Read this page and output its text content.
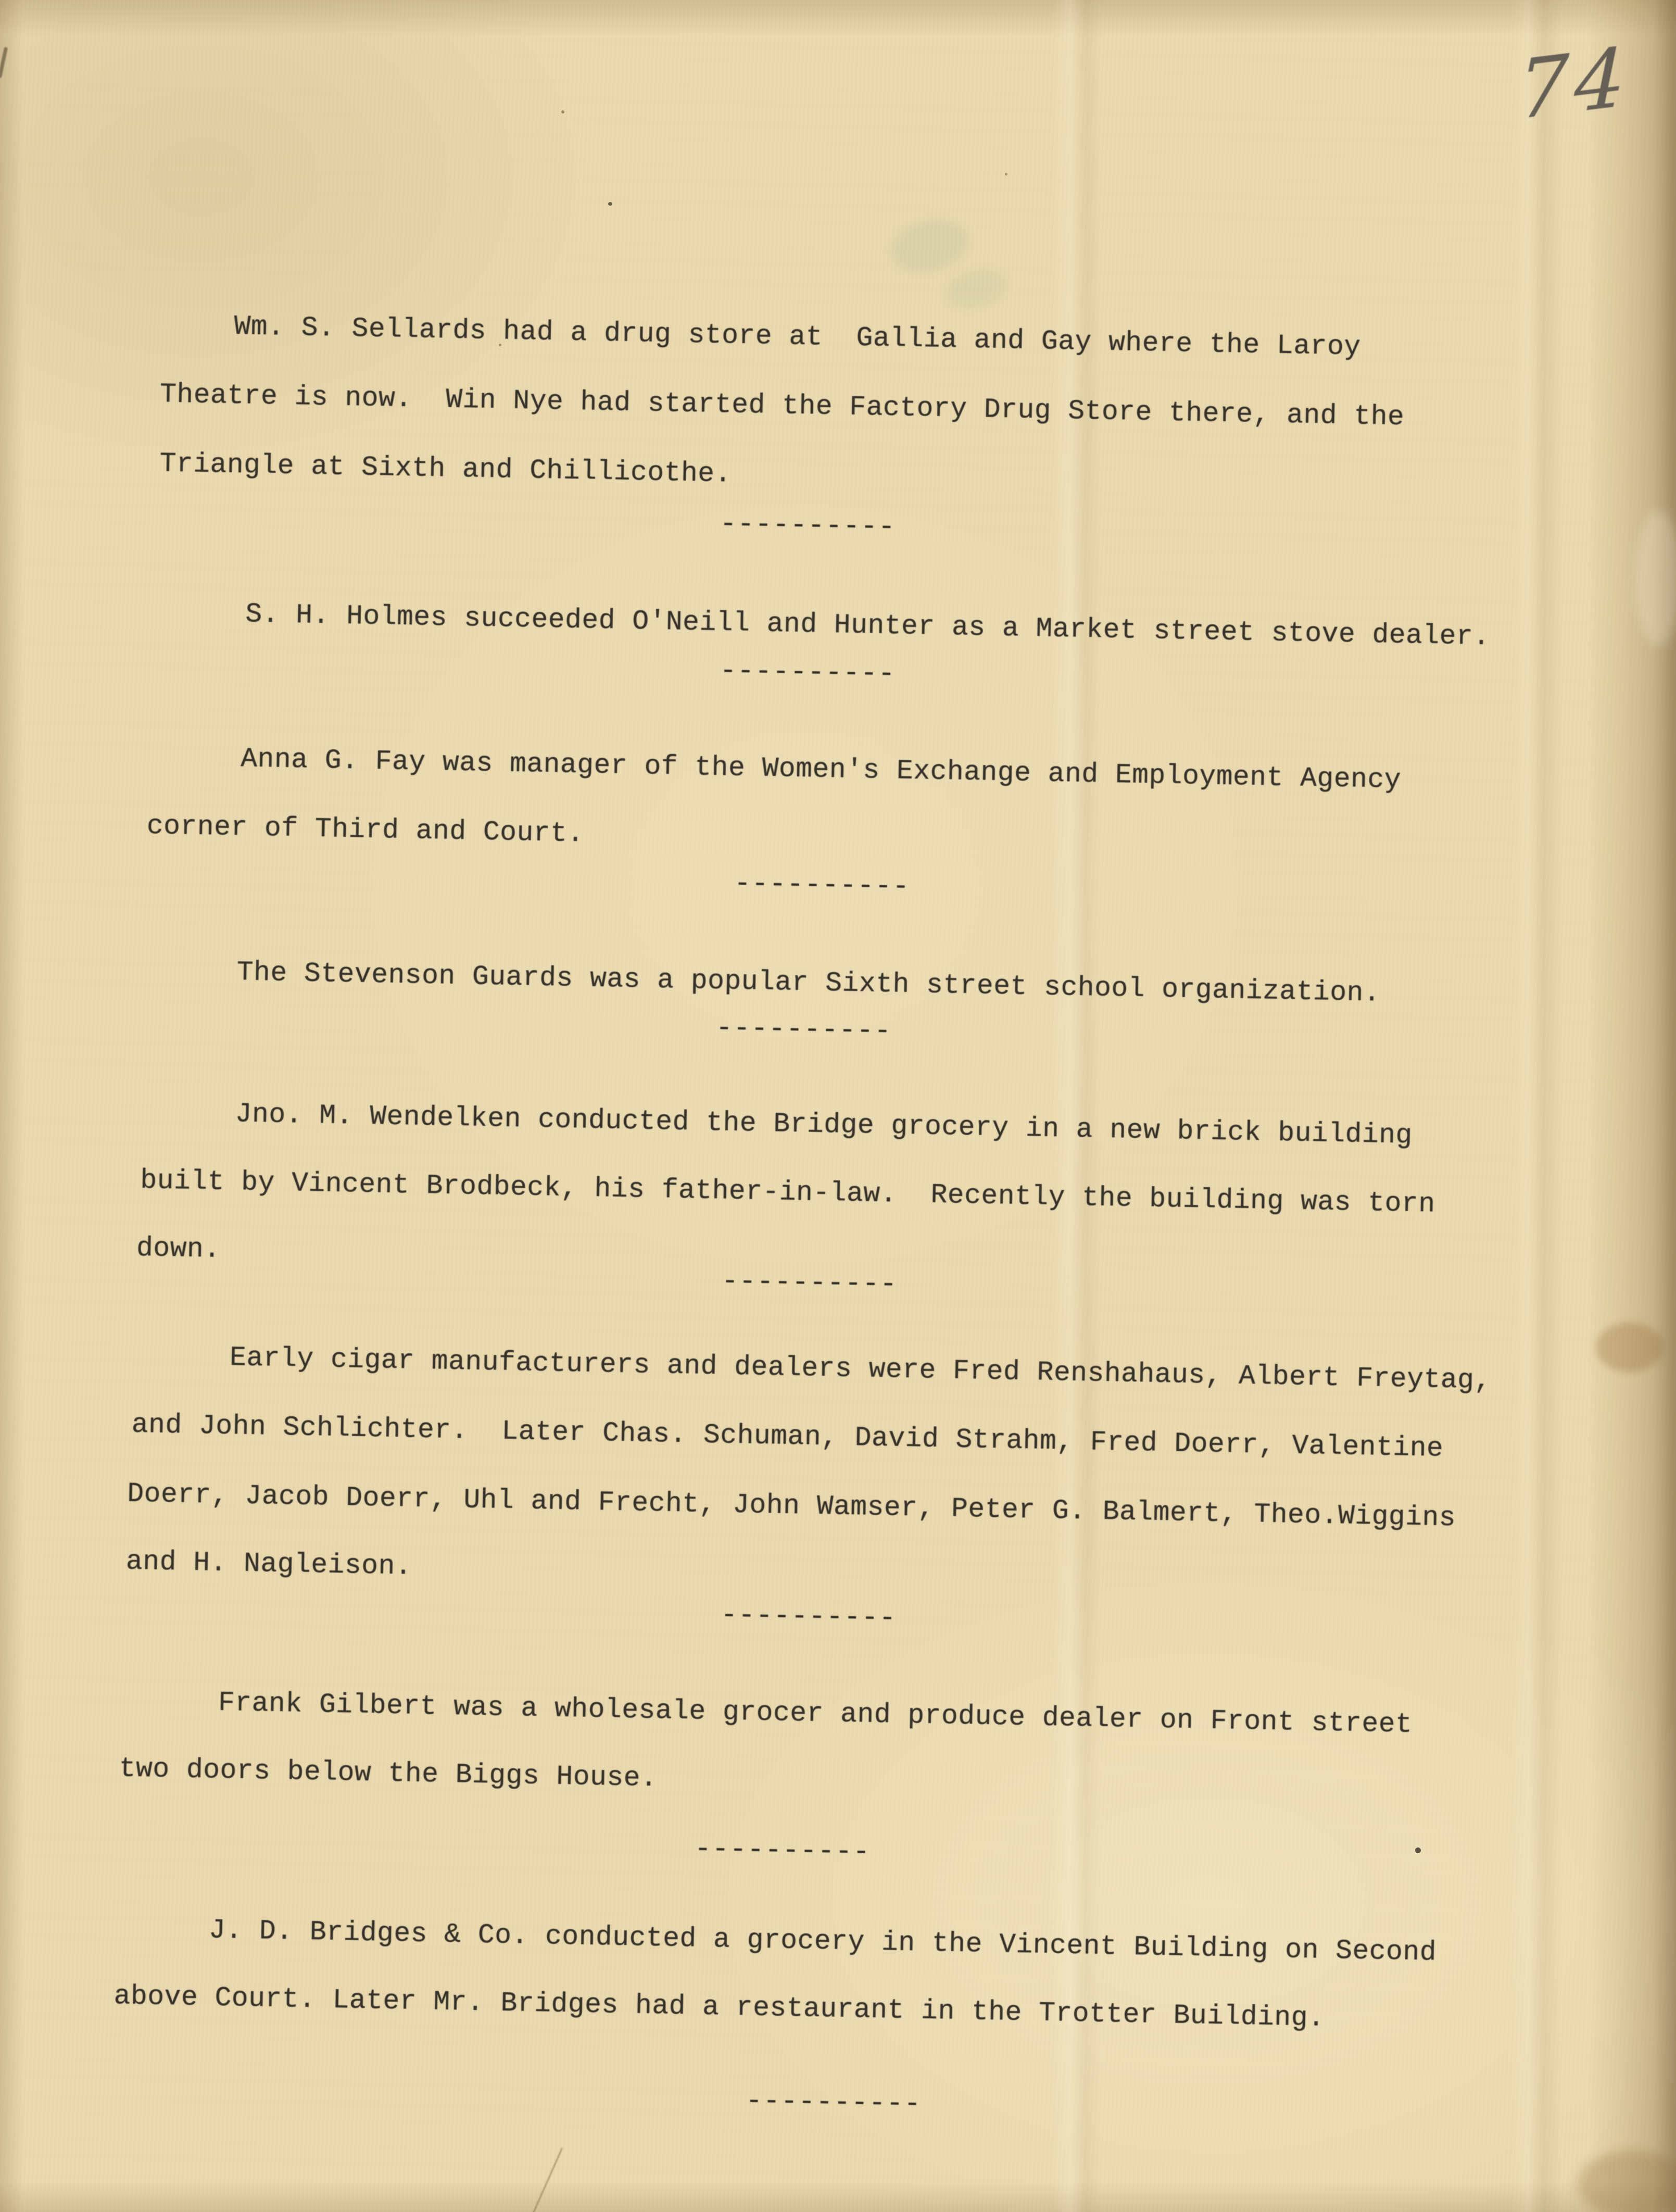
74
Wm. S. Sellards had a drug store at  Gallia and Gay where the Laroy
Theatre is now.  Win Nye had started the Factory Drug Store there, and the
Triangle at Sixth and Chillicothe.
----------
S. H. Holmes succeeded O'Neill and Hunter as a Market street stove dealer.
----------
Anna G. Fay was manager of the Women's Exchange and Employment Agency
corner of Third and Court.
----------
The Stevenson Guards was a popular Sixth street school organization.
----------
Jno. M. Wendelken conducted the Bridge grocery in a new brick building
built by Vincent Brodbeck, his father-in-law.  Recently the building was torn
down.
----------
Early cigar manufacturers and dealers were Fred Renshahaus, Albert Freytag,
and John Schlichter.  Later Chas. Schuman, David Strahm, Fred Doerr, Valentine
Doerr, Jacob Doerr, Uhl and Frecht, John Wamser, Peter G. Balmert, Theo.Wiggins
and H. Nagleison.
----------
Frank Gilbert was a wholesale grocer and produce dealer on Front street
two doors below the Biggs House.
----------
J. D. Bridges & Co. conducted a grocery in the Vincent Building on Second
above Court. Later Mr. Bridges had a restaurant in the Trotter Building.
----------
